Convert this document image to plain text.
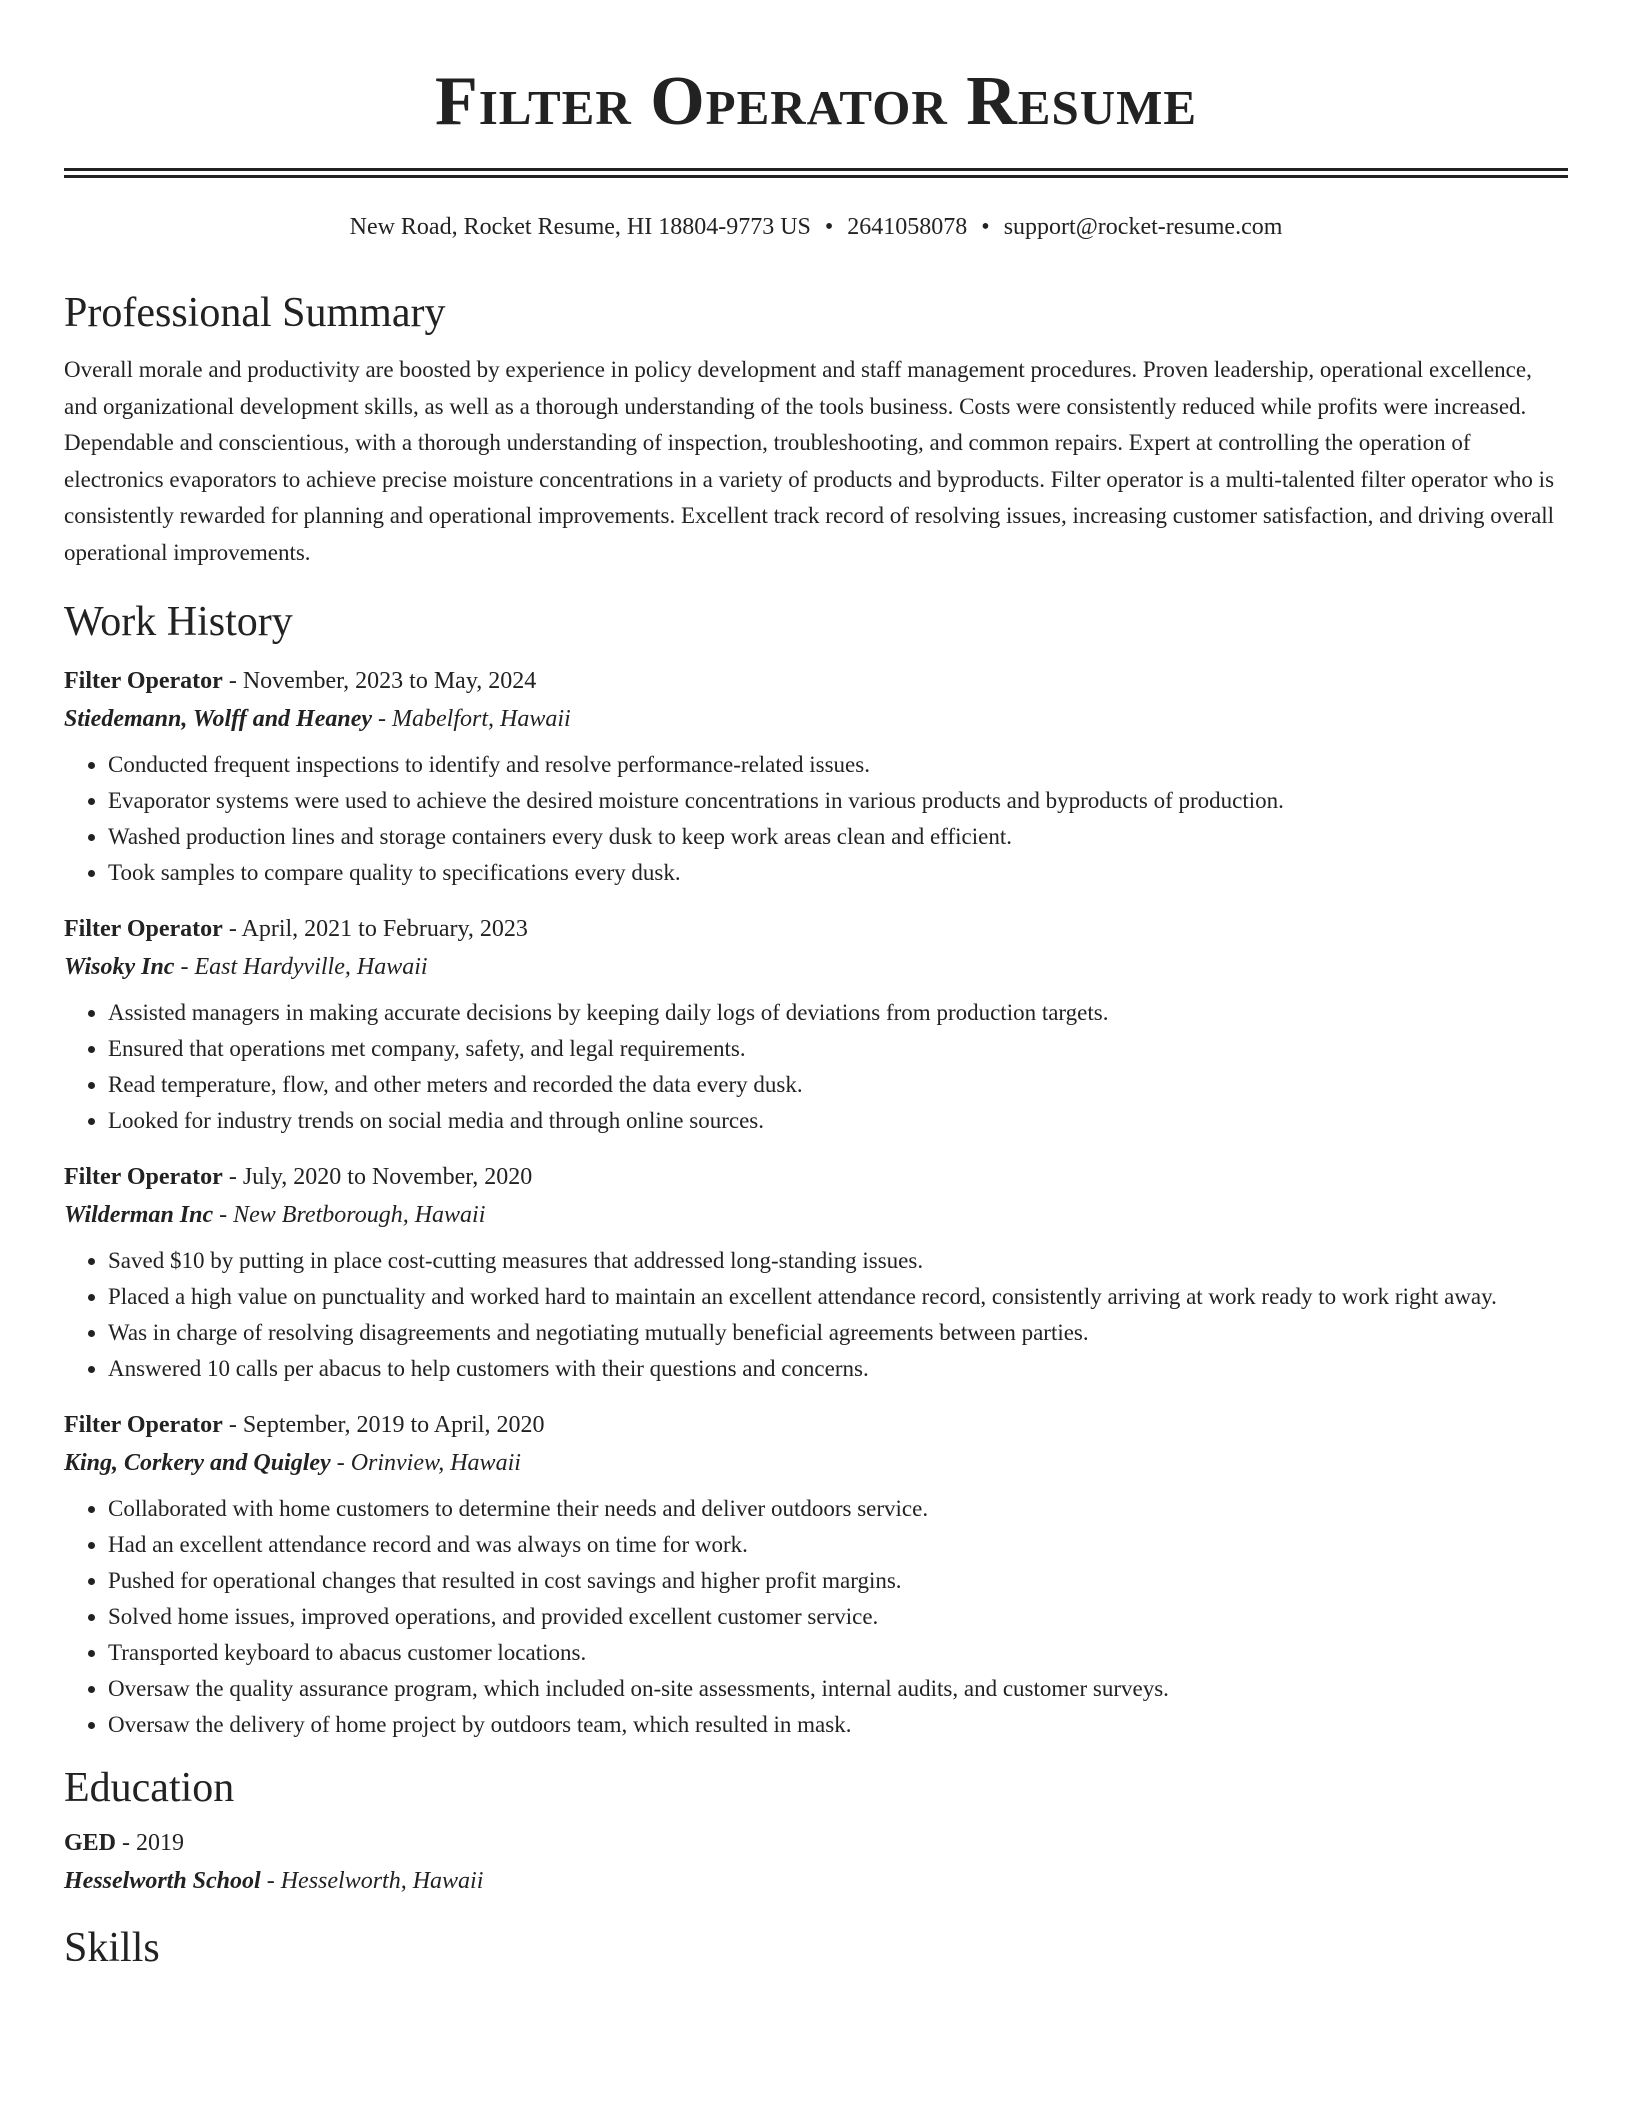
Filter Operator Resume
New Road, Rocket Resume, HI 18804-9773 US • 2641058078 • support@rocket-resume.com
Professional Summary

Overall morale and productivity are boosted by experience in policy development and staff management procedures. Proven leadership, operational excellence, and organizational development skills, as well as a thorough understanding of the tools business. Costs were consistently reduced while profits were increased. Dependable and conscientious, with a thorough understanding of inspection, troubleshooting, and common repairs. Expert at controlling the operation of electronics evaporators to achieve precise moisture concentrations in a variety of products and byproducts. Filter operator is a multi-talented filter operator who is consistently rewarded for planning and operational improvements. Excellent track record of resolving issues, increasing customer satisfaction, and driving overall operational improvements.

Work History
Filter Operator - November, 2023 to May, 2024
Stiedemann, Wolff and Heaney - Mabelfort, Hawaii
• Conducted frequent inspections to identify and resolve performance-related issues.
• Evaporator systems were used to achieve the desired moisture concentrations in various products and byproducts of production.
• Washed production lines and storage containers every dusk to keep work areas clean and efficient.
• Took samples to compare quality to specifications every dusk.
Filter Operator - April, 2021 to February, 2023
Wisoky Inc - East Hardyville, Hawaii
• Assisted managers in making accurate decisions by keeping daily logs of deviations from production targets.
• Ensured that operations met company, safety, and legal requirements.
• Read temperature, flow, and other meters and recorded the data every dusk.
• Looked for industry trends on social media and through online sources.
Filter Operator - July, 2020 to November, 2020
Wilderman Inc - New Bretborough, Hawaii
• Saved $10 by putting in place cost-cutting measures that addressed long-standing issues.
• Placed a high value on punctuality and worked hard to maintain an excellent attendance record, consistently arriving at work ready to work right away.
• Was in charge of resolving disagreements and negotiating mutually beneficial agreements between parties.
• Answered 10 calls per abacus to help customers with their questions and concerns.
Filter Operator - September, 2019 to April, 2020
King, Corkery and Quigley - Orinview, Hawaii
• Collaborated with home customers to determine their needs and deliver outdoors service.
• Had an excellent attendance record and was always on time for work.
• Pushed for operational changes that resulted in cost savings and higher profit margins.
• Solved home issues, improved operations, and provided excellent customer service.
• Transported keyboard to abacus customer locations.
• Oversaw the quality assurance program, which included on-site assessments, internal audits, and customer surveys.
• Oversaw the delivery of home project by outdoors team, which resulted in mask.
Education
GED - 2019
Hesselworth School - Hesselworth, Hawaii
Skills
